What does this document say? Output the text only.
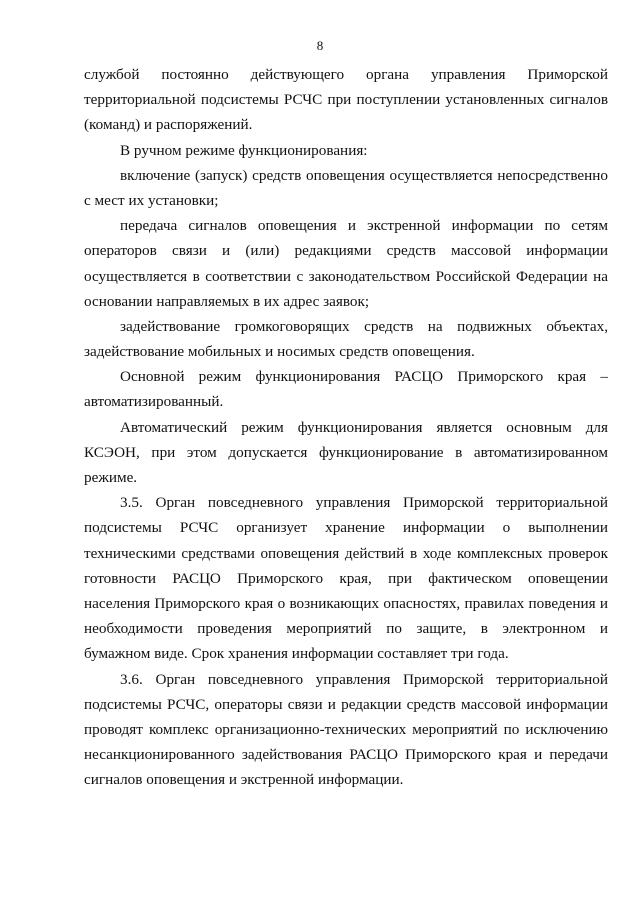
8
службой постоянно действующего органа управления Приморской
территориальной подсистемы РСЧС при поступлении установленных сигналов
(команд) и распоряжений.
В ручном режиме функционирования:
включение (запуск) средств оповещения осуществляется непосредственно
с мест их установки;
передача сигналов оповещения и экстренной информации по сетям
операторов связи и (или) редакциями средств массовой информации
осуществляется в соответствии с законодательством Российской Федерации на
основании направляемых в их адрес заявок;
задействование громкоговорящих средств на подвижных объектах,
задействование мобильных и носимых средств оповещения.
Основной режим функционирования РАСЦО Приморского края –
автоматизированный.
Автоматический режим функционирования является основным для
КСЭОН, при этом допускается функционирование в автоматизированном
режиме.
3.5. Орган повседневного управления Приморской территориальной
подсистемы РСЧС организует хранение информации о выполнении
техническими средствами оповещения действий в ходе комплексных проверок
готовности РАСЦО Приморского края, при фактическом оповещении
населения Приморского края о возникающих опасностях, правилах поведения и
необходимости проведения мероприятий по защите, в электронном и
бумажном виде. Срок хранения информации составляет три года.
3.6. Орган повседневного управления Приморской территориальной
подсистемы РСЧС, операторы связи и редакции средств массовой информации
проводят комплекс организационно-технических мероприятий по исключению
несанкционированного задействования РАСЦО Приморского края и передачи
сигналов оповещения и экстренной информации.
